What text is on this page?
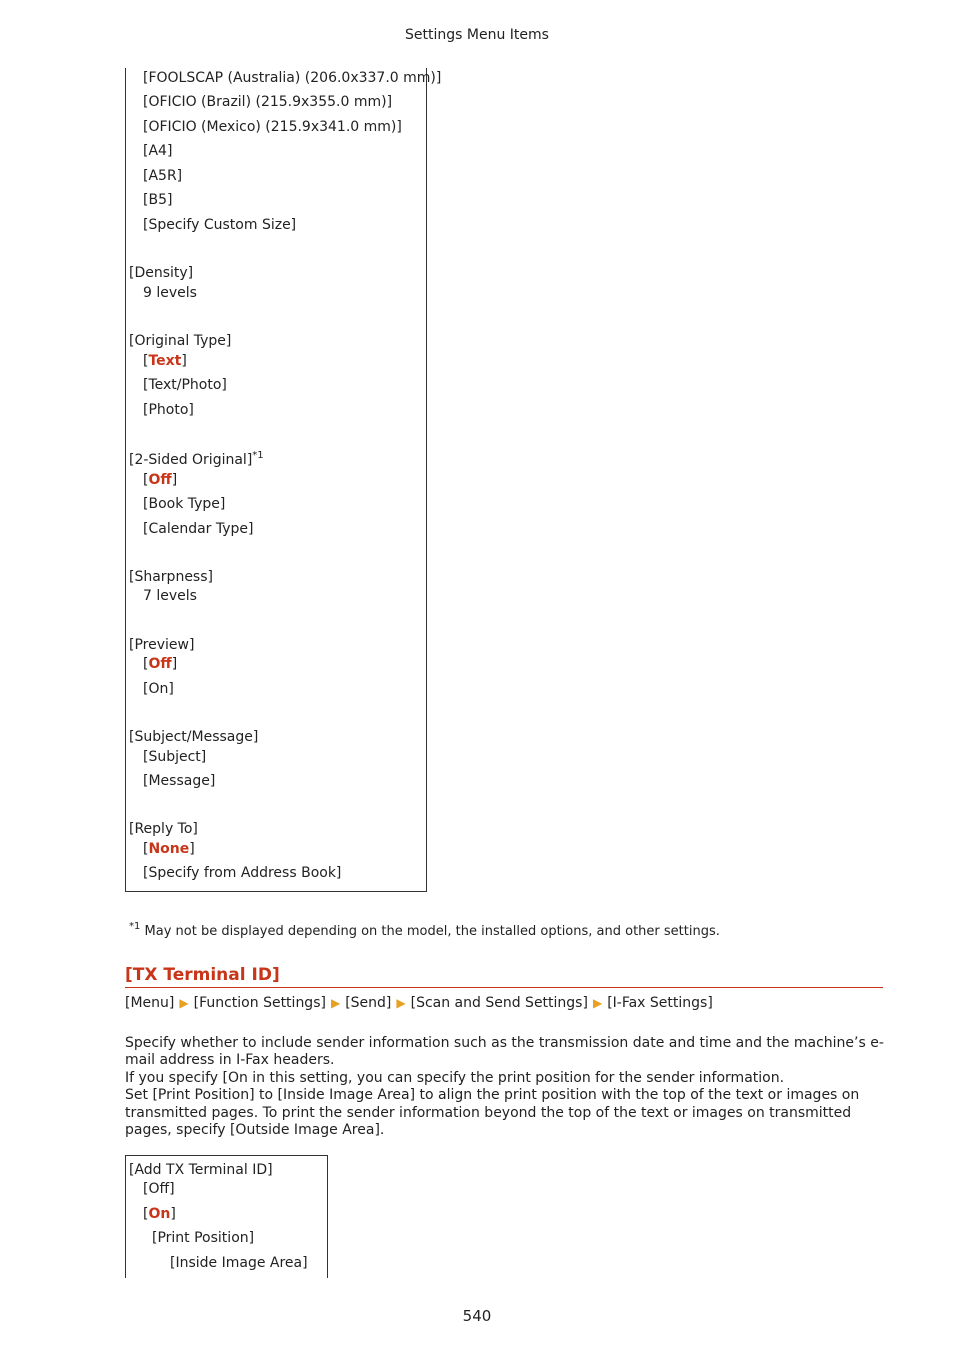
Settings Menu Items
[FOOLSCAP (Australia) (206.0x337.0 mm)]
[OFICIO (Brazil) (215.9x355.0 mm)]
[OFICIO (Mexico) (215.9x341.0 mm)]
[A4]
[A5R]
[B5]
[Specify Custom Size]
[Density]
9 levels
[Original Type]
[Text]
[Text/Photo]
[Photo]
[2-Sided Original]$^{*1}$
[Off]
[Book Type]
[Calendar Type]
[Sharpness]
7 levels
[Preview]
[Off]
[On]
[Subject/Message]
[Subject]
[Message]
[Reply To]
[None]
[Specify from Address Book]
$^{*1}$ May not be displayed depending on the model, the installed options, and other settings.
[TX Terminal ID]
[Menu] ▶ [Function Settings] ▶ [Send] ▶ [Scan and Send Settings] ▶ [I-Fax Settings]
Specify whether to include sender information such as the transmission date and time and the machine’s e-mail address in I-Fax headers.
If you specify [On in this setting, you can specify the print position for the sender information.
Set [Print Position] to [Inside Image Area] to align the print position with the top of the text or images on transmitted pages. To print the sender information beyond the top of the text or images on transmitted pages, specify [Outside Image Area].
[Add TX Terminal ID]
[Off]
[On]
[Print Position]
[Inside Image Area]
540
